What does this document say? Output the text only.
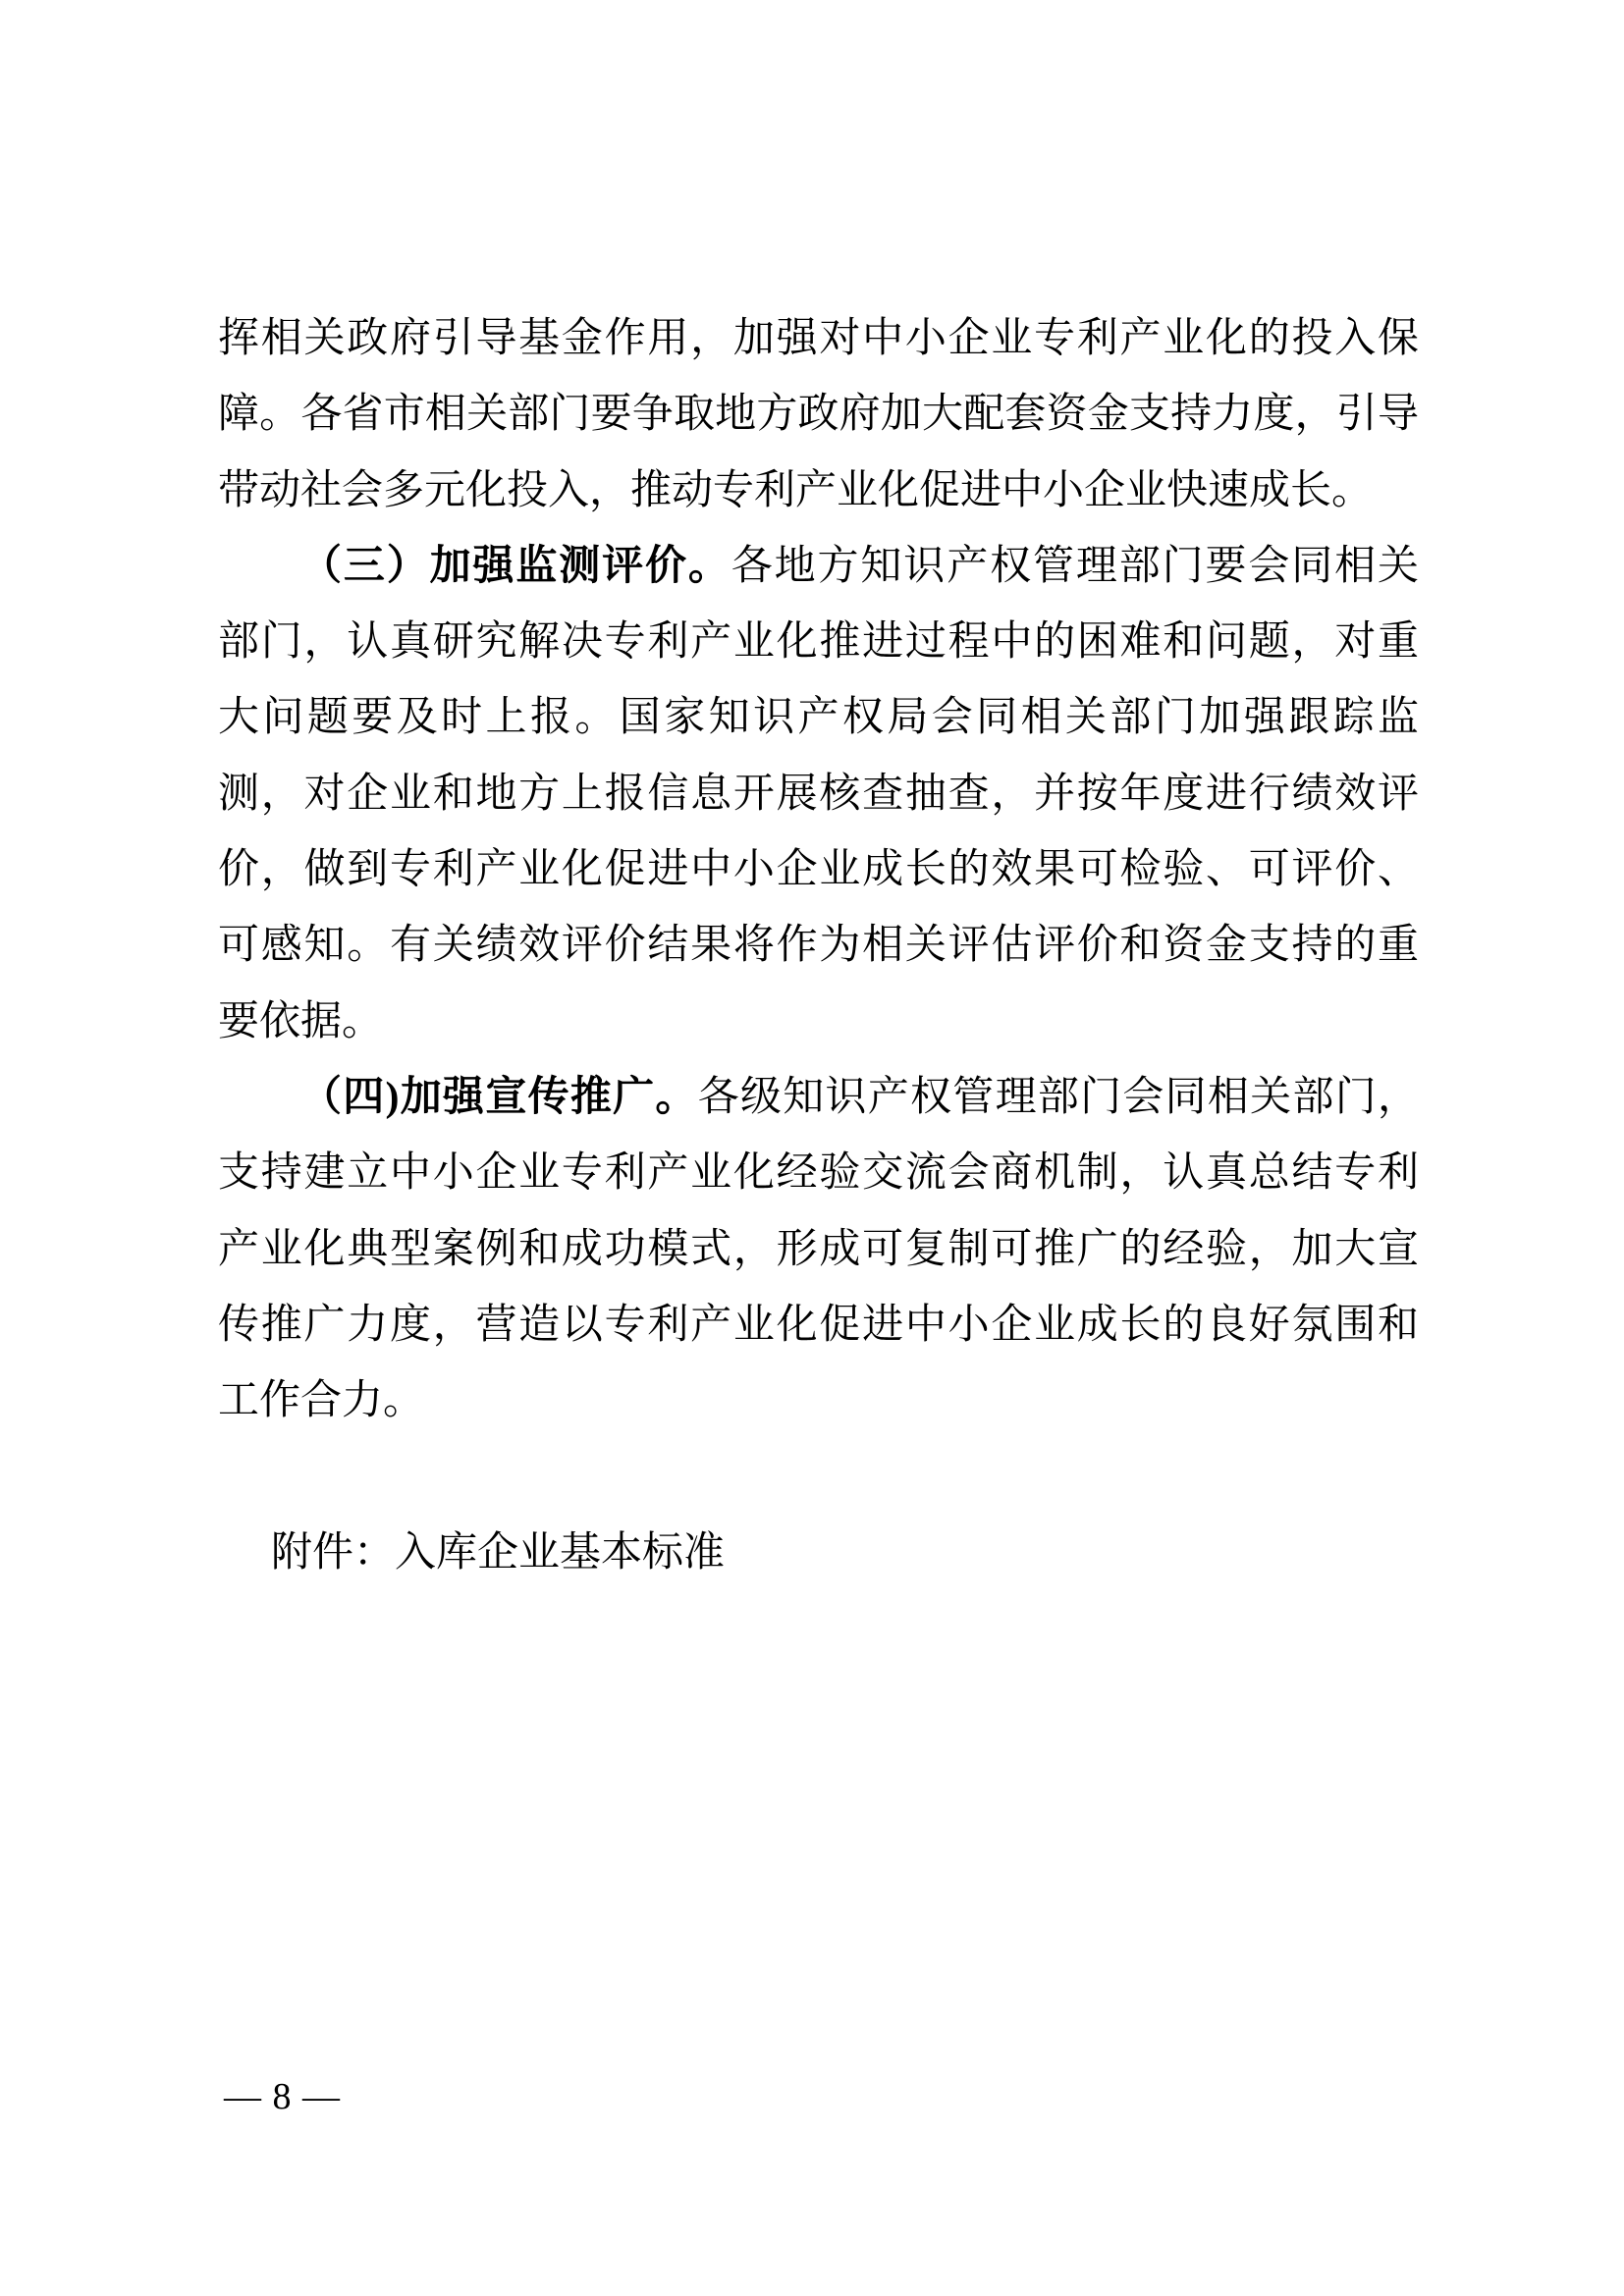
挥相关政府引导基金作用，加强对中小企业专利产业化的投入保

障。各省市相关部门要争取地方政府加大配套资金支持力度，引导

带动社会多元化投入，推动专利产业化促进中小企业快速成长。

（三）加强监测评价。各地方知识产权管理部门要会同相关

部门，认真研究解决专利产业化推进过程中的困难和问题，对重

大问题要及时上报。国家知识产权局会同相关部门加强跟踪监

测，对企业和地方上报信息开展核查抽查，并按年度进行绩效评

价，做到专利产业化促进中小企业成长的效果可检验、可评价、

可感知。有关绩效评价结果将作为相关评估评价和资金支持的重

要依据。

（四)加强宣传推广。各级知识产权管理部门会同相关部门，

支持建立中小企业专利产业化经验交流会商机制，认真总结专利

产业化典型案例和成功模式，形成可复制可推广的经验，加大宣

传推广力度，营造以专利产业化促进中小企业成长的良好氛围和

工作合力。

附件：入库企业基本标准

— 8 —
